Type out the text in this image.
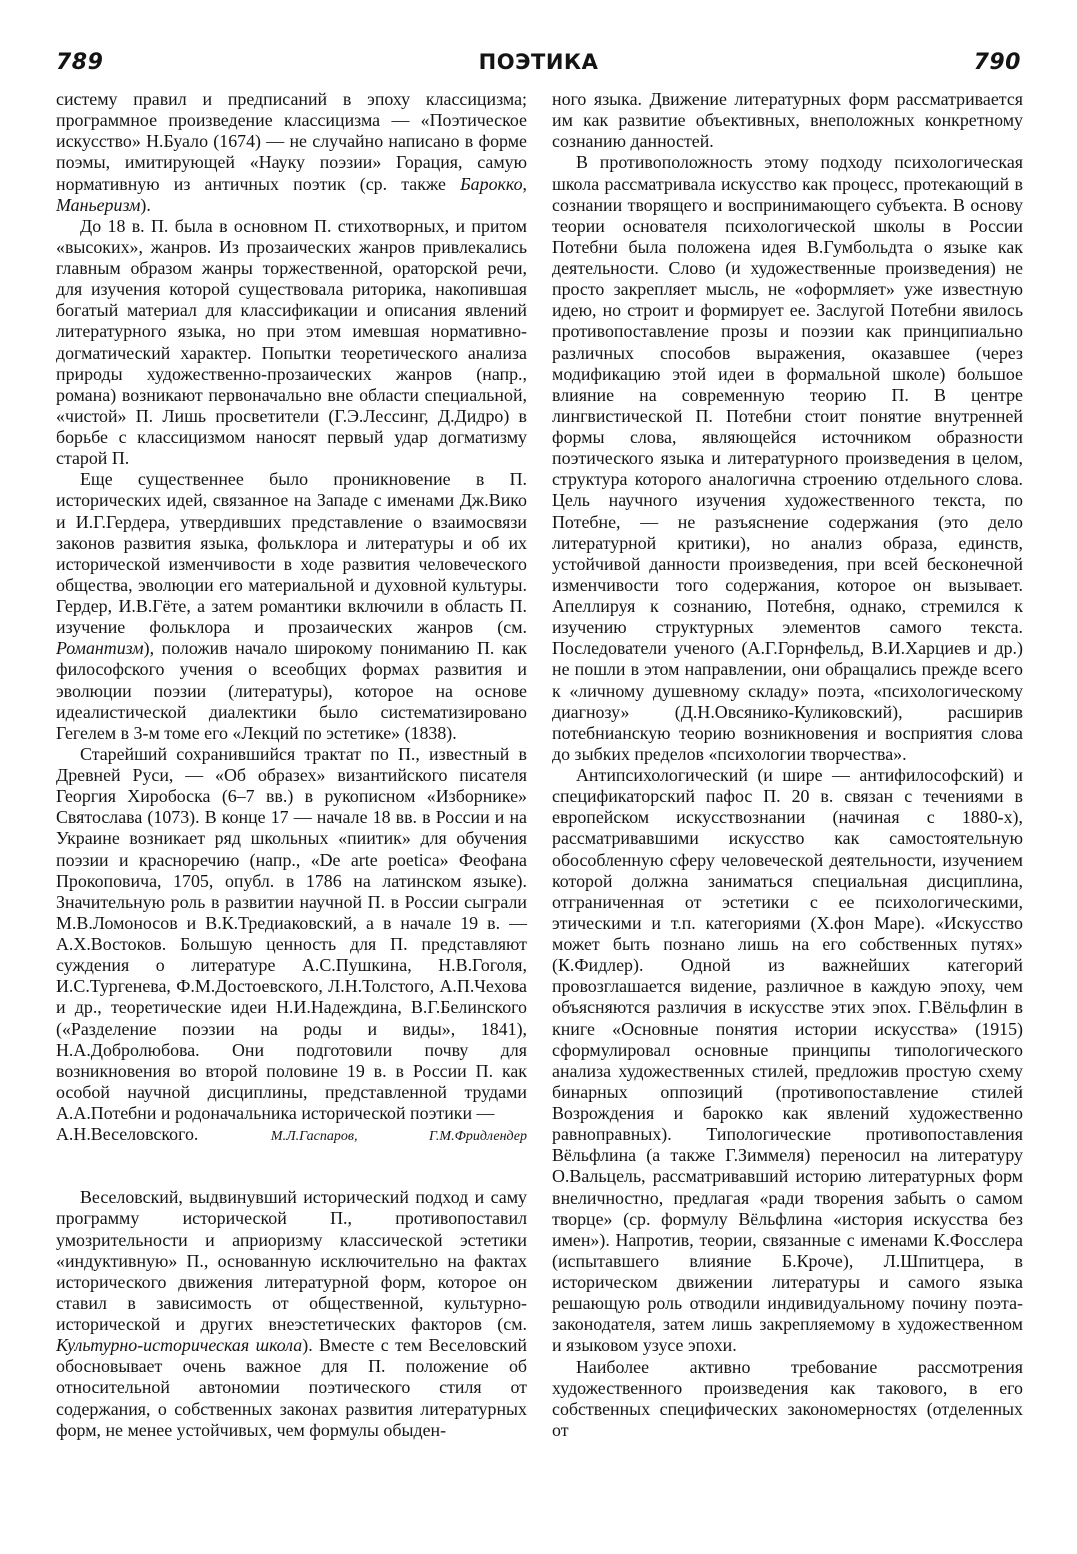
789	ПОЭТИКА	790

систему правил и предписаний в эпоху классицизма; программное произведение классицизма — «Поэтическое искусство» Н.Буало (1674) — не случайно написано в форме поэмы, имитирующей «Науку поэзии» Горация, самую нормативную из античных поэтик (ср. также Барокко, Маньеризм).

До 18 в. П. была в основном П. стихотворных, и притом «высоких», жанров. Из прозаических жанров привлекались главным образом жанры торжественной, ораторской речи, для изучения которой существовала риторика, накопившая богатый материал для классификации и описания явлений литературного языка, но при этом имевшая нормативно-догматический характер. Попытки теоретического анализа природы художественно-прозаических жанров (напр., романа) возникают первоначально вне области специальной, «чистой» П. Лишь просветители (Г.Э.Лессинг, Д.Дидро) в борьбе с классицизмом наносят первый удар догматизму старой П.

Еще существеннее было проникновение в П. исторических идей, связанное на Западе с именами Дж.Вико и И.Г.Гердера, утвердивших представление о взаимосвязи законов развития языка, фольклора и литературы и об их исторической изменчивости в ходе развития человеческого общества, эволюции его материальной и духовной культуры. Гердер, И.В.Гёте, а затем романтики включили в область П. изучение фольклора и прозаических жанров (см. Романтизм), положив начало широкому пониманию П. как философского учения о всеобщих формах развития и эволюции поэзии (литературы), которое на основе идеалистической диалектики было систематизировано Гегелем в 3-м томе его «Лекций по эстетике» (1838).

Старейший сохранившийся трактат по П., известный в Древней Руси, — «Об образех» византийского писателя Георгия Хиробоска (6–7 вв.) в рукописном «Изборнике» Святослава (1073). В конце 17 — начале 18 вв. в России и на Украине возникает ряд школьных «пиитик» для обучения поэзии и красноречию (напр., «De arte poetica» Феофана Прокоповича, 1705, опубл. в 1786 на латинском языке). Значительную роль в развитии научной П. в России сыграли М.В.Ломоносов и В.К.Тредиаковский, а в начале 19 в. — А.Х.Востоков. Большую ценность для П. представляют суждения о литературе А.С.Пушкина, Н.В.Гоголя, И.С.Тургенева, Ф.М.Достоевского, Л.Н.Толстого, А.П.Чехова и др., теоретические идеи Н.И.Надеждина, В.Г.Белинского («Разделение поэзии на роды и виды», 1841), Н.А.Добролюбова. Они подготовили почву для возникновения во второй половине 19 в. в России П. как особой научной дисциплины, представленной трудами А.А.Потебни и родоначальника исторической поэтики —

А.Н.Веселовского.	М.Л.Гаспаров, Г.М.Фридлендер

Веселовский, выдвинувший исторический подход и саму программу исторической П., противопоставил умозрительности и априоризму классической эстетики «индуктивную» П., основанную исключительно на фактах исторического движения литературной форм, которое он ставил в зависимость от общественной, культурно-исторической и других внеэстетических факторов (см. Культурно-историческая школа). Вместе с тем Веселовский обосновывает очень важное для П. положение об относительной автономии поэтического стиля от содержания, о собственных законах развития литературных форм, не менее устойчивых, чем формулы обыден-

ного языка. Движение литературных форм рассматривается им как развитие объективных, внеположных конкретному сознанию данностей.

В противоположность этому подходу психологическая школа рассматривала искусство как процесс, протекающий в сознании творящего и воспринимающего субъекта. В основу теории основателя психологической школы в России Потебни была положена идея В.Гумбольдта о языке как деятельности. Слово (и художественные произведения) не просто закрепляет мысль, не «оформляет» уже известную идею, но строит и формирует ее. Заслугой Потебни явилось противопоставление прозы и поэзии как принципиально различных способов выражения, оказавшее (через модификацию этой идеи в формальной школе) большое влияние на современную теорию П. В центре лингвистической П. Потебни стоит понятие внутренней формы слова, являющейся источником образности поэтического языка и литературного произведения в целом, структура которого аналогична строению отдельного слова. Цель научного изучения художественного текста, по Потебне, — не разъяснение содержания (это дело литературной критики), но анализ образа, единств, устойчивой данности произведения, при всей бесконечной изменчивости того содержания, которое он вызывает. Апеллируя к сознанию, Потебня, однако, стремился к изучению структурных элементов самого текста. Последователи ученого (А.Г.Горнфельд, В.И.Харциев и др.) не пошли в этом направлении, они обращались прежде всего к «личному душевному складу» поэта, «психологическому диагнозу» (Д.Н.Овсянико-Куликовский), расширив потебнианскую теорию возникновения и восприятия слова до зыбких пределов «психологии творчества».

Антипсихологический (и шире — антифилософский) и спецификаторский пафос П. 20 в. связан с течениями в европейском искусствознании (начиная с 1880-х), рассматривавшими искусство как самостоятельную обособленную сферу человеческой деятельности, изучением которой должна заниматься специальная дисциплина, отграниченная от эстетики с ее психологическими, этическими и т.п. категориями (Х.фон Маре). «Искусство может быть познано лишь на его собственных путях» (К.Фидлер). Одной из важнейших категорий провозглашается видение, различное в каждую эпоху, чем объясняются различия в искусстве этих эпох. Г.Вёльфлин в книге «Основные понятия истории искусства» (1915) сформулировал основные принципы типологического анализа художественных стилей, предложив простую схему бинарных оппозиций (противопоставление стилей Возрождения и барокко как явлений художественно равноправных). Типологические противопоставления Вёльфлина (а также Г.Зиммеля) переносил на литературу О.Вальцель, рассматривавший историю литературных форм внеличностно, предлагая «ради творения забыть о самом творце» (ср. формулу Вёльфлина «история искусства без имен»). Напротив, теории, связанные с именами К.Фосслера (испытавшего влияние Б.Кроче), Л.Шпитцера, в историческом движении литературы и самого языка решающую роль отводили индивидуальному почину поэта-законодателя, затем лишь закрепляемому в художественном и языковом узусе эпохи.

Наиболее активно требование рассмотрения художественного произведения как такового, в его собственных специфических закономерностях (отделенных от
